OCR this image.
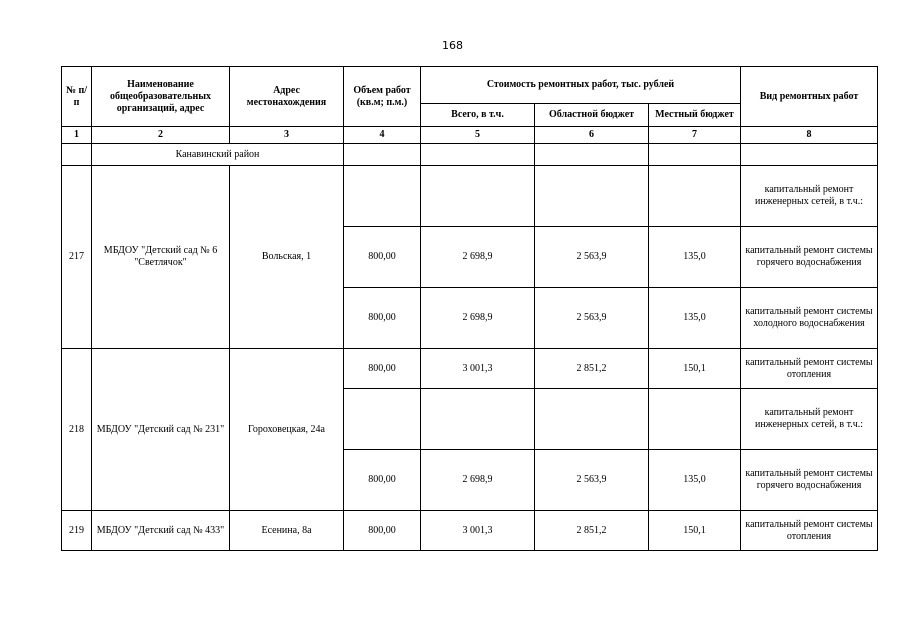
168
№ п/п	Наименование общеобразовательных организаций, адрес	Адрес местонахождения	Объем работ (кв.м; п.м.)	Стоимость ремонтных работ, тыс. рублей			Вид ремонтных работ
				Всего, в т.ч.	Областной бюджет	Местный бюджет	
1	2	3	4	5	6	7	8
	Канавинский район						
217	МБДОУ "Детский сад № 6 "Светлячок"	Вольская, 1					капитальный ремонт инженерных сетей, в т.ч.:
			800,00	2 698,9	2 563,9	135,0	капитальный ремонт системы горячего водоснабжения
			800,00	2 698,9	2 563,9	135,0	капитальный ремонт системы холодного водоснабжения
218	МБДОУ "Детский сад № 231"	Гороховецкая, 24а	800,00	3 001,3	2 851,2	150,1	капитальный ремонт системы отопления
							капитальный ремонт инженерных сетей, в т.ч.:
			800,00	2 698,9	2 563,9	135,0	капитальный ремонт системы горячего водоснабжения
219	МБДОУ "Детский сад № 433"	Есенина, 8а	800,00	3 001,3	2 851,2	150,1	капитальный ремонт системы отопления
